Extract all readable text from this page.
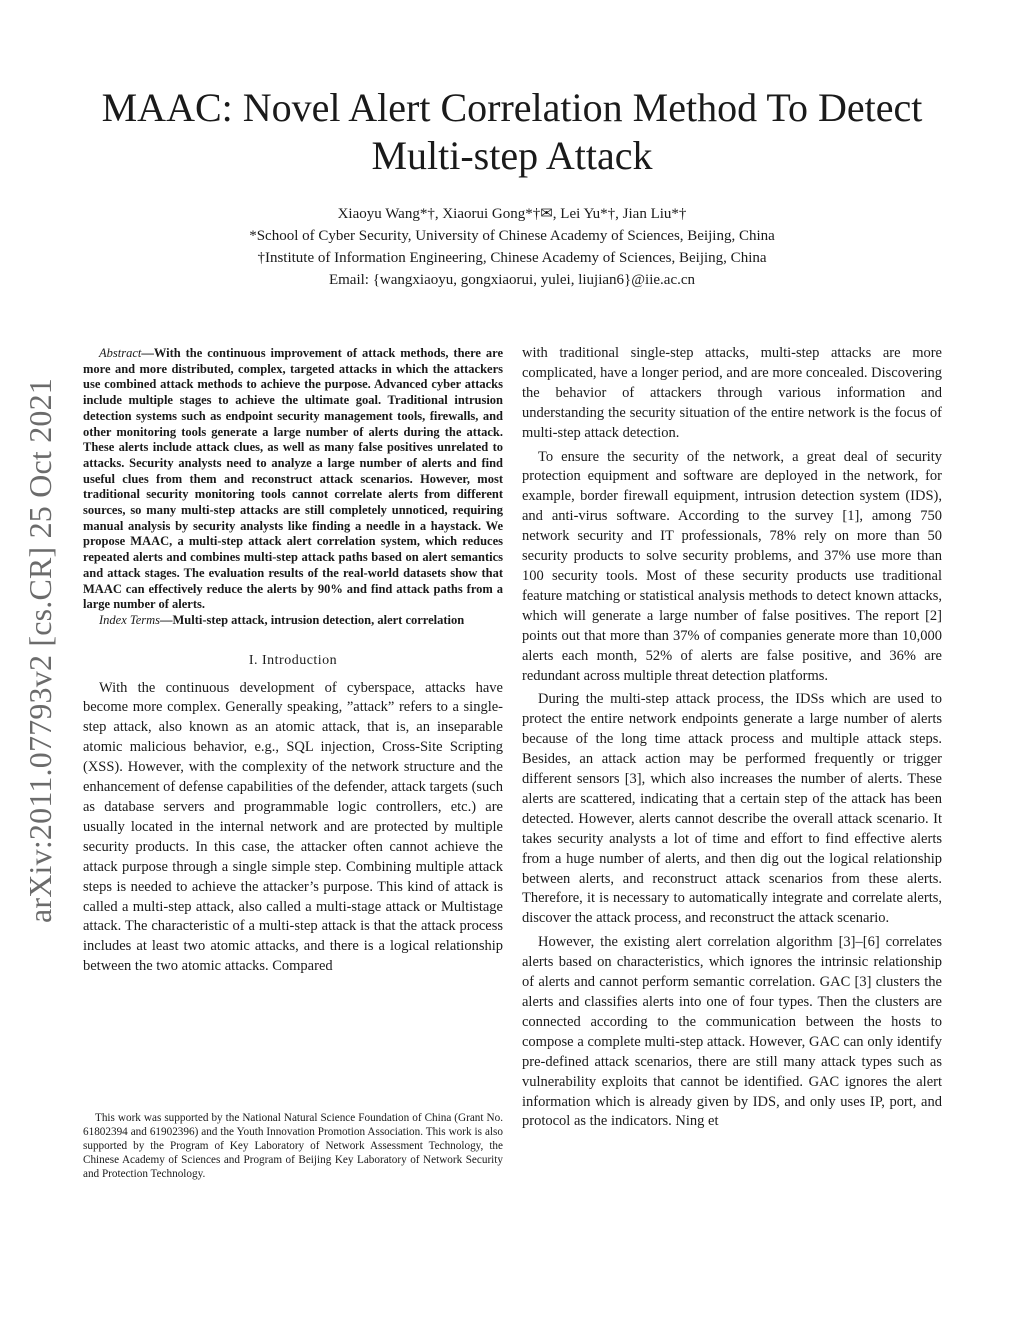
arXiv:2011.07793v2 [cs.CR] 25 Oct 2021
MAAC: Novel Alert Correlation Method To Detect
Multi-step Attack
Xiaoyu Wang*†, Xiaorui Gong*†✉, Lei Yu*†, Jian Liu*†
*School of Cyber Security, University of Chinese Academy of Sciences, Beijing, China
†Institute of Information Engineering, Chinese Academy of Sciences, Beijing, China
Email: {wangxiaoyu, gongxiaorui, yulei, liujian6}@iie.ac.cn

Abstract—With the continuous improvement of attack methods, there are more and more distributed, complex, targeted attacks in which the attackers use combined attack methods to achieve the purpose. Advanced cyber attacks include multiple stages to achieve the ultimate goal. Traditional intrusion detection systems such as endpoint security management tools, firewalls, and other monitoring tools generate a large number of alerts during the attack. These alerts include attack clues, as well as many false positives unrelated to attacks. Security analysts need to analyze a large number of alerts and find useful clues from them and reconstruct attack scenarios. However, most traditional security monitoring tools cannot correlate alerts from different sources, so many multi-step attacks are still completely unnoticed, requiring manual analysis by security analysts like finding a needle in a haystack. We propose MAAC, a multi-step attack alert correlation system, which reduces repeated alerts and combines multi-step attack paths based on alert semantics and attack stages. The evaluation results of the real-world datasets show that MAAC can effectively reduce the alerts by 90% and find attack paths from a large number of alerts.

Index Terms—Multi-step attack, intrusion detection, alert correlation

I. Introduction

With the continuous development of cyberspace, attacks have become more complex. Generally speaking, ”attack” refers to a single-step attack, also known as an atomic attack, that is, an inseparable atomic malicious behavior, e.g., SQL injection, Cross-Site Scripting (XSS). However, with the complexity of the network structure and the enhancement of defense capabilities of the defender, attack targets (such as database servers and programmable logic controllers, etc.) are usually located in the internal network and are protected by multiple security products. In this case, the attacker often cannot achieve the attack purpose through a single simple step. Combining multiple attack steps is needed to achieve the attacker’s purpose. This kind of attack is called a multi-step attack, also called a multi-stage attack or Multistage attack. The characteristic of a multi-step attack is that the attack process includes at least two atomic attacks, and there is a logical relationship between the two atomic attacks. Compared

This work was supported by the National Natural Science Foundation of China (Grant No. 61802394 and 61902396) and the Youth Innovation Promotion Association. This work is also supported by the Program of Key Laboratory of Network Assessment Technology, the Chinese Academy of Sciences and Program of Beijing Key Laboratory of Network Security and Protection Technology.

with traditional single-step attacks, multi-step attacks are more complicated, have a longer period, and are more concealed. Discovering the behavior of attackers through various information and understanding the security situation of the entire network is the focus of multi-step attack detection.

To ensure the security of the network, a great deal of security protection equipment and software are deployed in the network, for example, border firewall equipment, intrusion detection system (IDS), and anti-virus software. According to the survey [1], among 750 network security and IT professionals, 78% rely on more than 50 security products to solve security problems, and 37% use more than 100 security tools. Most of these security products use traditional feature matching or statistical analysis methods to detect known attacks, which will generate a large number of false positives. The report [2] points out that more than 37% of companies generate more than 10,000 alerts each month, 52% of alerts are false positive, and 36% are redundant across multiple threat detection platforms.

During the multi-step attack process, the IDSs which are used to protect the entire network endpoints generate a large number of alerts because of the long time attack process and multiple attack steps. Besides, an attack action may be performed frequently or trigger different sensors [3], which also increases the number of alerts. These alerts are scattered, indicating that a certain step of the attack has been detected. However, alerts cannot describe the overall attack scenario. It takes security analysts a lot of time and effort to find effective alerts from a huge number of alerts, and then dig out the logical relationship between alerts, and reconstruct attack scenarios from these alerts. Therefore, it is necessary to automatically integrate and correlate alerts, discover the attack process, and reconstruct the attack scenario.

However, the existing alert correlation algorithm [3]–[6] correlates alerts based on characteristics, which ignores the intrinsic relationship of alerts and cannot perform semantic correlation. GAC [3] clusters the alerts and classifies alerts into one of four types. Then the clusters are connected according to the communication between the hosts to compose a complete multi-step attack. However, GAC can only identify pre-defined attack scenarios, there are still many attack types such as vulnerability exploits that cannot be identified. GAC ignores the alert information which is already given by IDS, and only uses IP, port, and protocol as the indicators. Ning et
